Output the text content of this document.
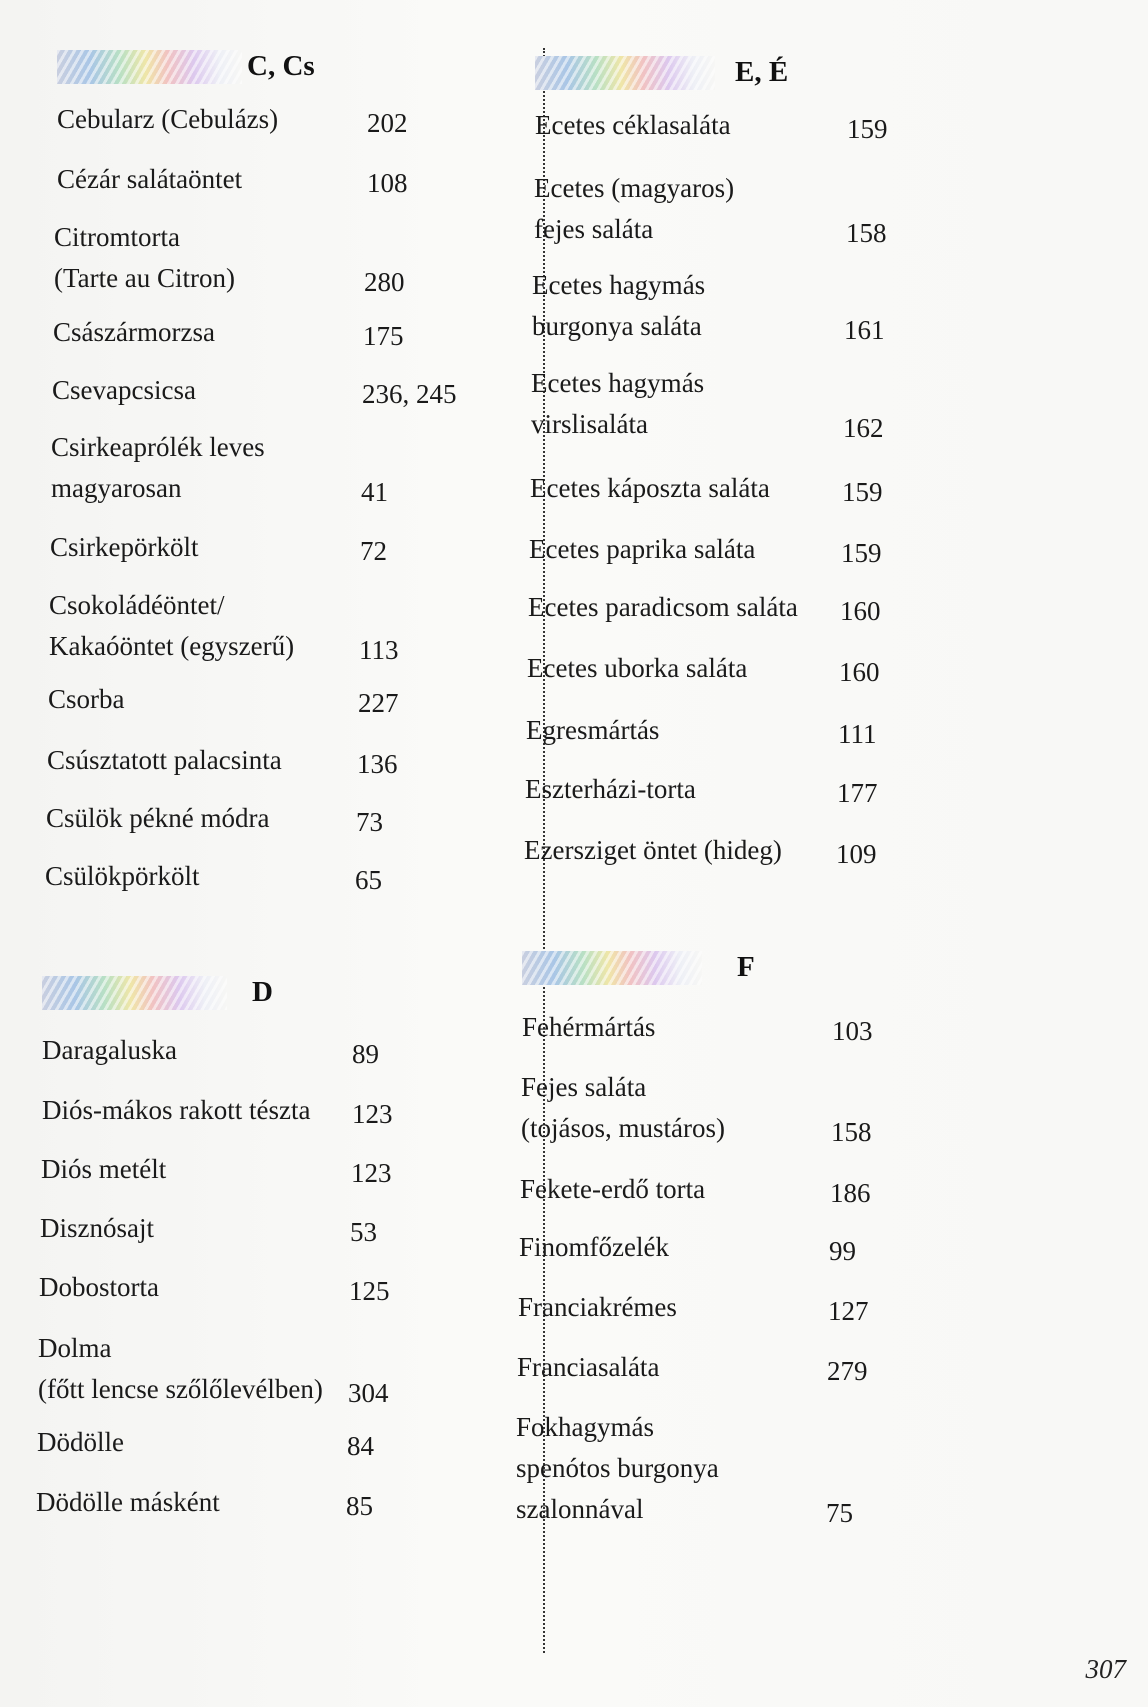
C, Cs
Cebularz (Cebulázs)	202
Cézár salátaöntet	108
Citromtorta
(Tarte au Citron)	280
Császármorzsa	175
Csevapcsicsa	236, 245
Csirkeaprólék leves
magyarosan	41
Csirkepörkölt	72
Csokoládéöntet/
Kakaóöntet (egyszerű)	113
Csorba	227
Csúsztatott palacsinta	136
Csülök pékné módra	73
Csülökpörkölt	65
D
Daragaluska	89
Diós-mákos rakott tészta	123
Diós metélt	123
Disznósajt	53
Dobostorta	125
Dolma
(főtt lencse szőlőlevélben) 304
Dödölle	84
Dödölle másként	85
E, É
Ecetes céklasaláta	159
Ecetes (magyaros)
fejes saláta	158
Ecetes hagymás
burgonya saláta	161
Ecetes hagymás
virslisaláta	162
Ecetes káposzta saláta	159
Ecetes paprika saláta	159
Ecetes paradicsom saláta	160
Ecetes uborka saláta	160
Egresmártás	111
Eszterházi-torta	177
Ezersziget öntet (hideg)	109
F
Fehérmártás	103
Fejes saláta
(tojásos, mustáros)	158
Fekete-erdő torta	186
Finomfőzelék	99
Franciakrémes	127
Franciasaláta	279
Fokhagymás
spenótos burgonya
szalonnával	75
307
